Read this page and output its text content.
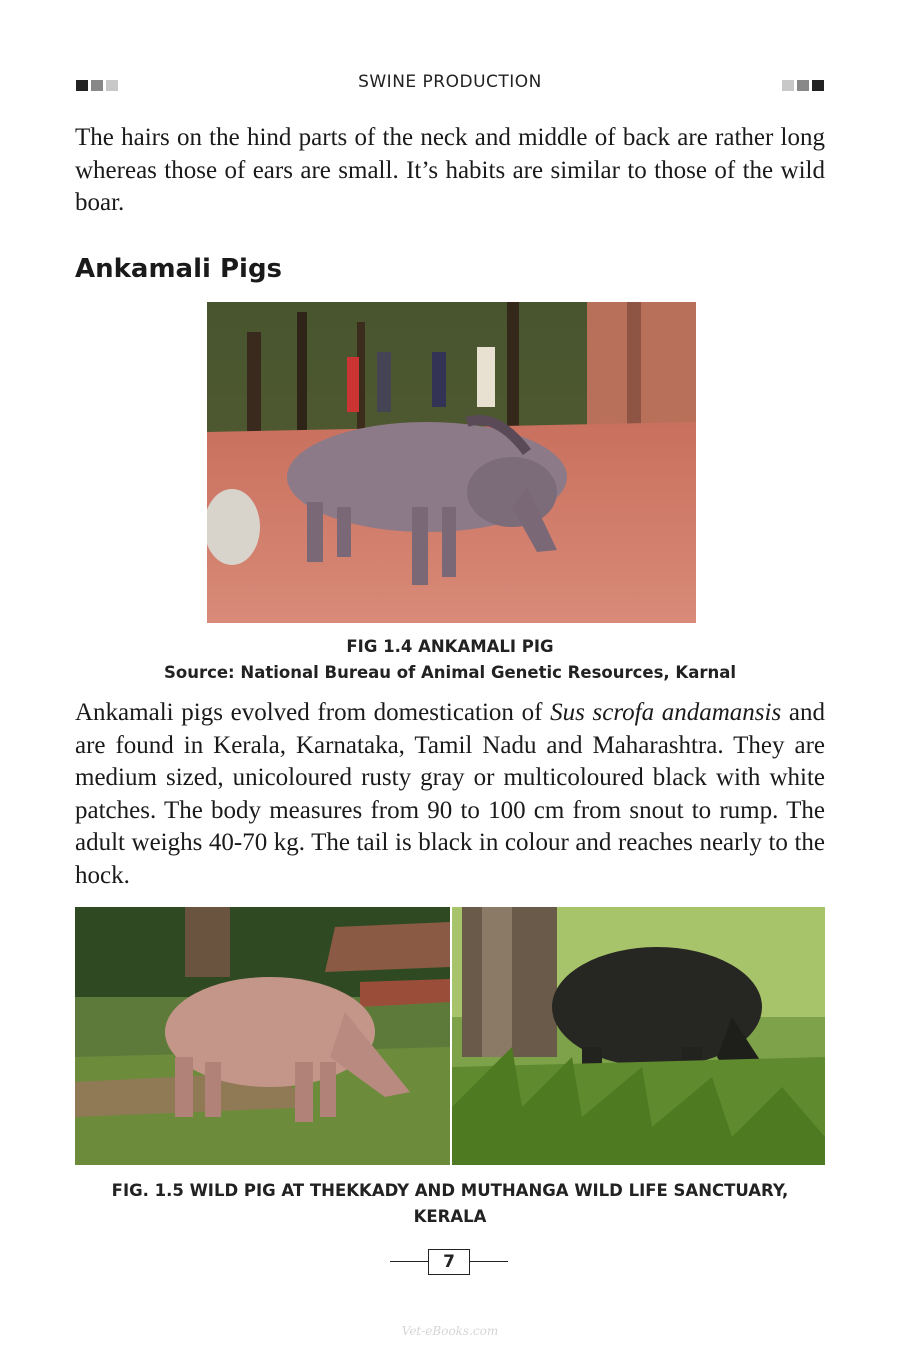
SWINE PRODUCTION

The hairs on the hind parts of the neck and middle of back are rather long whereas those of ears are small. It’s habits are similar to those of the wild boar.

Ankamali Pigs

FIG 1.4 ANKAMALI PIG
Source: National Bureau of Animal Genetic Resources, Karnal

Ankamali pigs evolved from domestication of Sus scrofa andamansis and are found in Kerala, Karnataka, Tamil Nadu and Maharashtra. They are medium sized, unicoloured rusty gray or multicoloured black with white patches. The body measures from 90 to 100 cm from snout to rump. The adult weighs 40-70 kg. The tail is black in colour and reaches nearly to the hock.

FIG. 1.5 WILD PIG AT THEKKADY AND MUTHANGA WILD LIFE SANCTUARY,
KERALA

7
Vet-eBooks.com
